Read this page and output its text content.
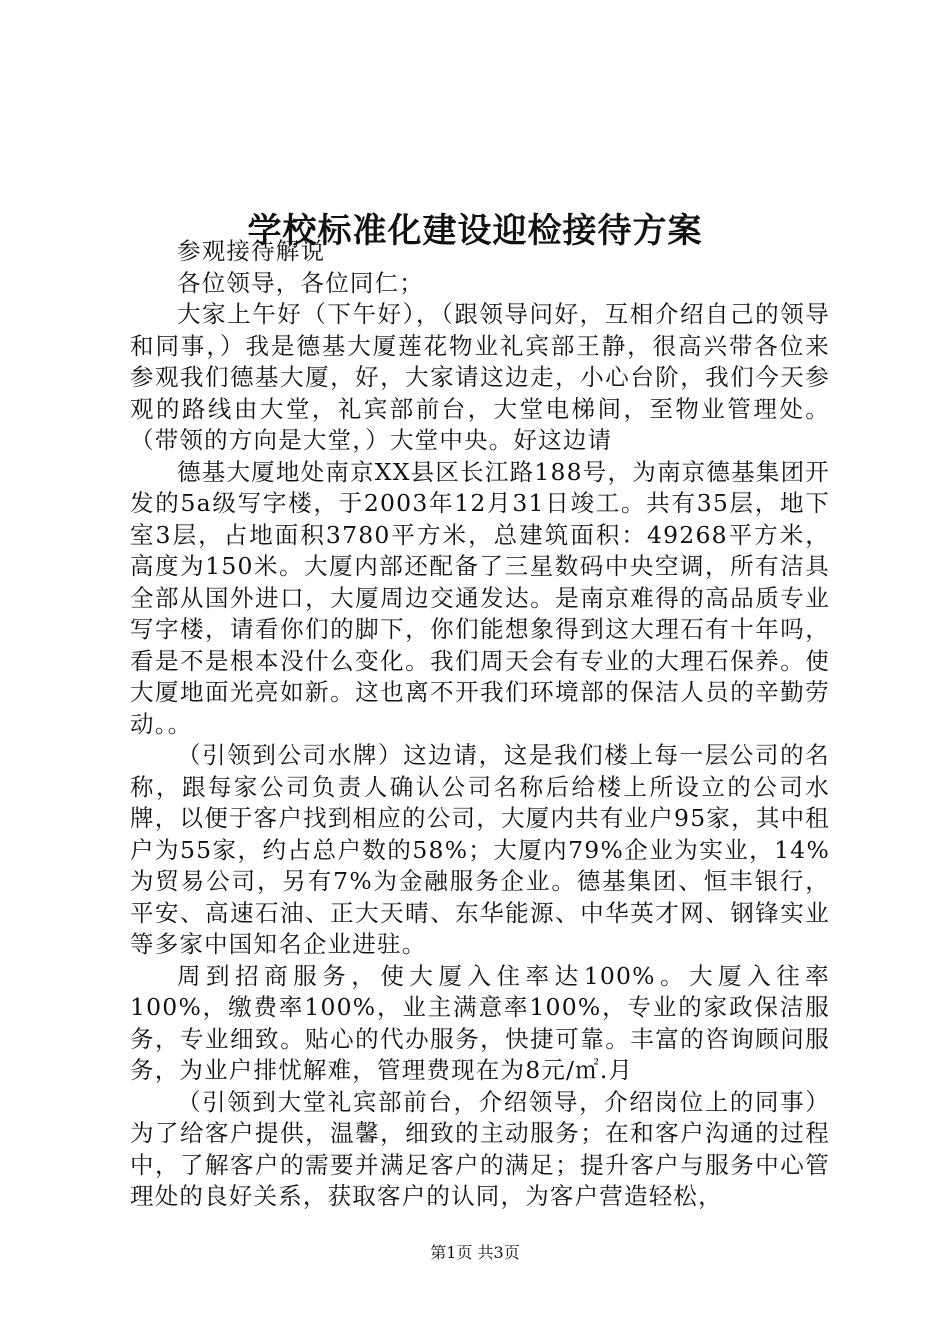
学校标准化建设迎检接待方案

参观接待解说

各位领导，各位同仁；

大家上午好（下午好），（跟领导问好，互相介绍自己的领导和同事，）我是德基大厦莲花物业礼宾部王静，很高兴带各位来参观我们德基大厦，好，大家请这边走，小心台阶，我们今天参观的路线由大堂，礼宾部前台，大堂电梯间，至物业管理处。（带领的方向是大堂，）大堂中央。好这边请

德基大厦地处南京XX县区长江路188号，为南京德基集团开发的5a级写字楼，于2003年12月31日竣工。共有35层，地下室3层，占地面积3780平方米，总建筑面积：49268平方米，高度为150米。大厦内部还配备了三星数码中央空调，所有洁具全部从国外进口，大厦周边交通发达。是南京难得的高品质专业写字楼，请看你们的脚下，你们能想象得到这大理石有十年吗，看是不是根本没什么变化。我们周天会有专业的大理石保养。使大厦地面光亮如新。这也离不开我们环境部的保洁人员的辛勤劳动。。

（引领到公司水牌）这边请，这是我们楼上每一层公司的名称，跟每家公司负责人确认公司名称后给楼上所设立的公司水牌，以便于客户找到相应的公司，大厦内共有业户95家，其中租户为55家，约占总户数的58%；大厦内79%企业为实业，14%为贸易公司，另有7%为金融服务企业。德基集团、恒丰银行，平安、高速石油、正大天晴、东华能源、中华英才网、钢锋实业等多家中国知名企业进驻。

周到招商服务，使大厦入住率达100%。大厦入往率100%，缴费率100%，业主满意率100%，专业的家政保洁服务，专业细致。贴心的代办服务，快捷可靠。丰富的咨询顾问服务，为业户排忧解难，管理费现在为8元/㎡.月

（引领到大堂礼宾部前台，介绍领导，介绍岗位上的同事）为了给客户提供，温馨，细致的主动服务；在和客户沟通的过程中，了解客户的需要并满足客户的满足；提升客户与服务中心管理处的良好关系，获取客户的认同，为客户营造轻松，

第1页 共3页
